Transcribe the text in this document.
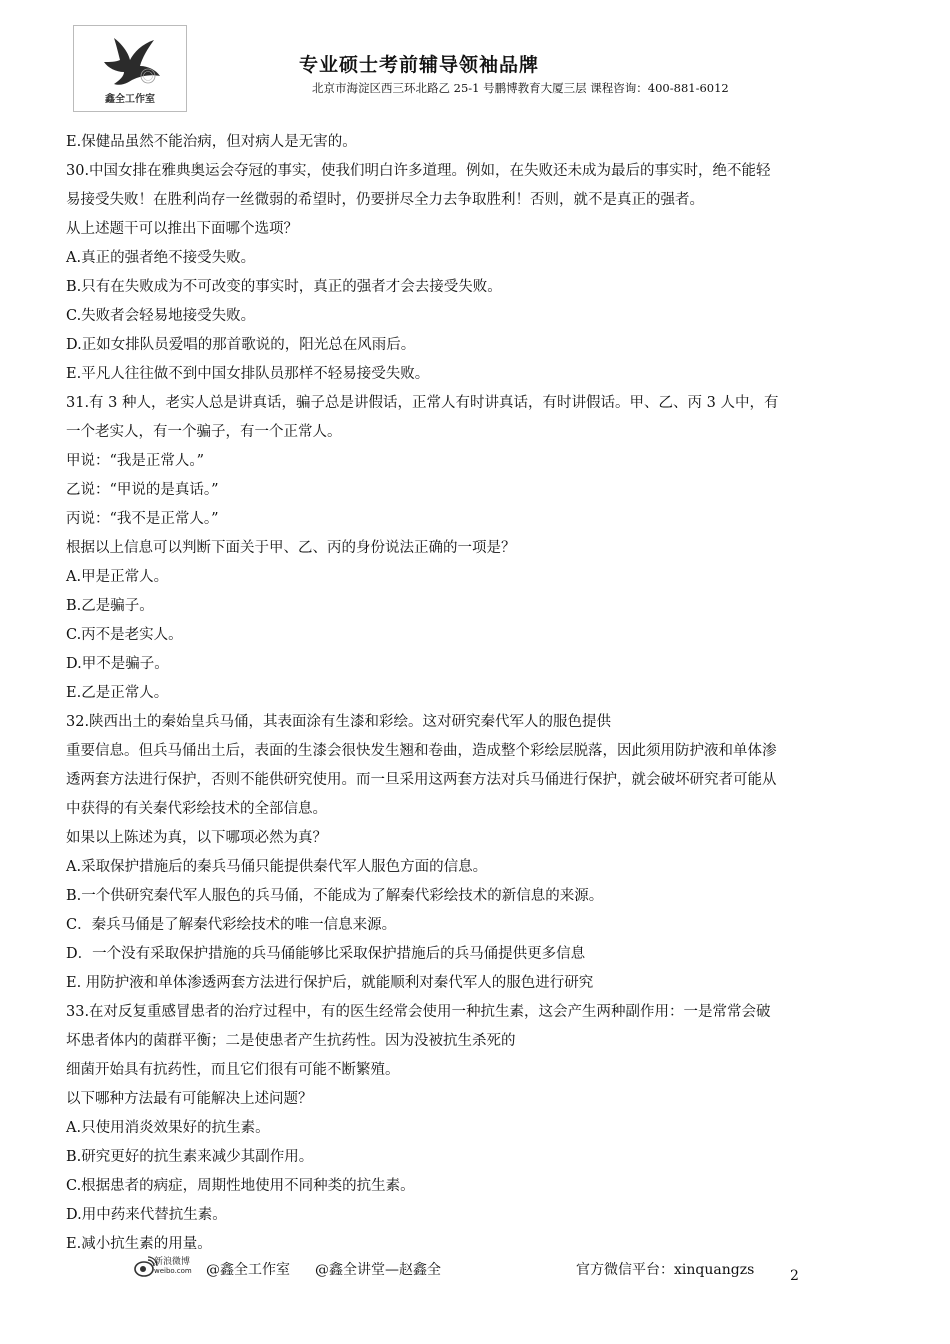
鑫全工作室
专业硕士考前辅导领袖品牌
北京市海淀区西三环北路乙 25-1 号鹏博教育大厦三层 课程咨询：400-881-6012
E.保健品虽然不能治病，但对病人是无害的。
30.中国女排在雅典奥运会夺冠的事实，使我们明白许多道理。例如，在失败还未成为最后的事实时，绝不能轻
易接受失败！在胜利尚存一丝微弱的希望时，仍要拼尽全力去争取胜利！否则，就不是真正的强者。
从上述题干可以推出下面哪个选项？
A.真正的强者绝不接受失败。
B.只有在失败成为不可改变的事实时，真正的强者才会去接受失败。
C.失败者会轻易地接受失败。
D.正如女排队员爱唱的那首歌说的，阳光总在风雨后。
E.平凡人往往做不到中国女排队员那样不轻易接受失败。
31.有 3 种人，老实人总是讲真话，骗子总是讲假话，正常人有时讲真话，有时讲假话。甲、乙、丙 3 人中，有
一个老实人，有一个骗子，有一个正常人。
甲说：“我是正常人。”
乙说：“甲说的是真话。”
丙说：“我不是正常人。”
根据以上信息可以判断下面关于甲、乙、丙的身份说法正确的一项是？
A.甲是正常人。
B.乙是骗子。
C.丙不是老实人。
D.甲不是骗子。
E.乙是正常人。
32.陕西出土的秦始皇兵马俑，其表面涂有生漆和彩绘。这对研究秦代军人的服色提供
重要信息。但兵马俑出土后，表面的生漆会很快发生翘和卷曲，造成整个彩绘层脱落，因此须用防护液和单体渗
透两套方法进行保护，否则不能供研究使用。而一旦采用这两套方法对兵马俑进行保护，就会破坏研究者可能从
中获得的有关秦代彩绘技术的全部信息。
如果以上陈述为真，以下哪项必然为真？
A.采取保护措施后的秦兵马俑只能提供秦代军人服色方面的信息。
B.一个供研究秦代军人服色的兵马俑，不能成为了解秦代彩绘技术的新信息的来源。
C．秦兵马俑是了解秦代彩绘技术的唯一信息来源。
D．一个没有采取保护措施的兵马俑能够比采取保护措施后的兵马俑提供更多信息
E. 用防护液和单体渗透两套方法进行保护后，就能顺利对秦代军人的服色进行研究
33.在对反复重感冒患者的治疗过程中，有的医生经常会使用一种抗生素，这会产生两种副作用：一是常常会破
坏患者体内的菌群平衡；二是使患者产生抗药性。因为没被抗生杀死的
细菌开始具有抗药性，而且它们很有可能不断繁殖。
以下哪种方法最有可能解决上述问题？
A.只使用消炎效果好的抗生素。
B.研究更好的抗生素来减少其副作用。
C.根据患者的病症，周期性地使用不同种类的抗生素。
D.用中药来代替抗生素。
E.减小抗生素的用量。
新浪微博
weibo.com @鑫全工作室 @鑫全讲堂—赵鑫全	官方微信平台：xinquangzs	2
